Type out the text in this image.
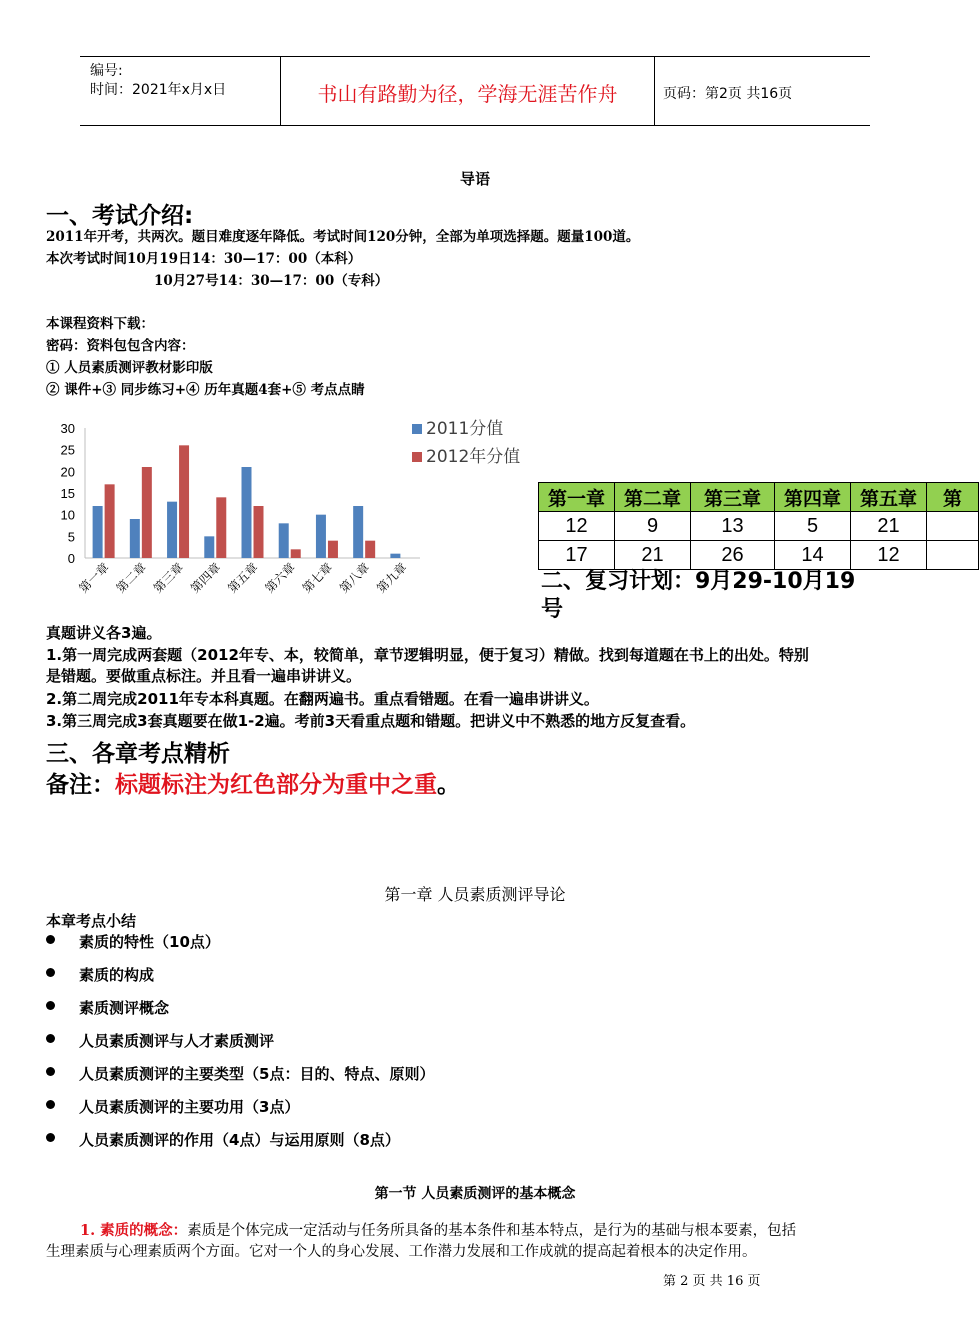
编号:
时间：2021年x月x日	书山有路勤为径，学海无涯苦作舟	页码：第2页 共16页
导语
一、考试介绍:
2011年开考，共两次。题目难度逐年降低。考试时间120分钟，全部为单项选择题。题量100道。
本次考试时间10月19日14：30—17：00（本科）
10月27号14：30—17：00（专科）
本课程资料下载：
密码：资料包包含内容：
① 人员素质测评教材影印版
② 课件+③ 同步练习+④ 历年真题4套+⑤ 考点点睛
0
5
10
15
20
25
30
第一章 第二章 第三章 第四章 第五章 第六章 第七章 第八章 第九章
2011分值
2012年分值
第一章	第二章	第三章	第四章	第五章	第
12	9	13	5	21	
17	21	26	14	12	
二、复习计划：9月29-10月19
号
真题讲义各3遍。
1.第一周完成两套题（2012年专、本，较简单，章节逻辑明显，便于复习）精做。找到每道题在书上的出处。特别
是错题。要做重点标注。并且看一遍串讲讲义。
2.第二周完成2011年专本科真题。在翻两遍书。重点看错题。在看一遍串讲讲义。
3.第三周完成3套真题要在做1-2遍。考前3天看重点题和错题。把讲义中不熟悉的地方反复查看。
三、各章考点精析
备注：标题标注为红色部分为重中之重。
第一章 人员素质测评导论
本章考点小结
素质的特性（10点）
素质的构成
素质测评概念
人员素质测评与人才素质测评
人员素质测评的主要类型（5点：目的、特点、原则）
人员素质测评的主要功用（3点）
人员素质测评的作用（4点）与运用原则（8点）
第一节 人员素质测评的基本概念
1. 素质的概念：素质是个体完成一定活动与任务所具备的基本条件和基本特点，是行为的基础与根本要素，包括
生理素质与心理素质两个方面。它对一个人的身心发展、工作潜力发展和工作成就的提高起着根本的决定作用。
第 2 页 共 16 页
